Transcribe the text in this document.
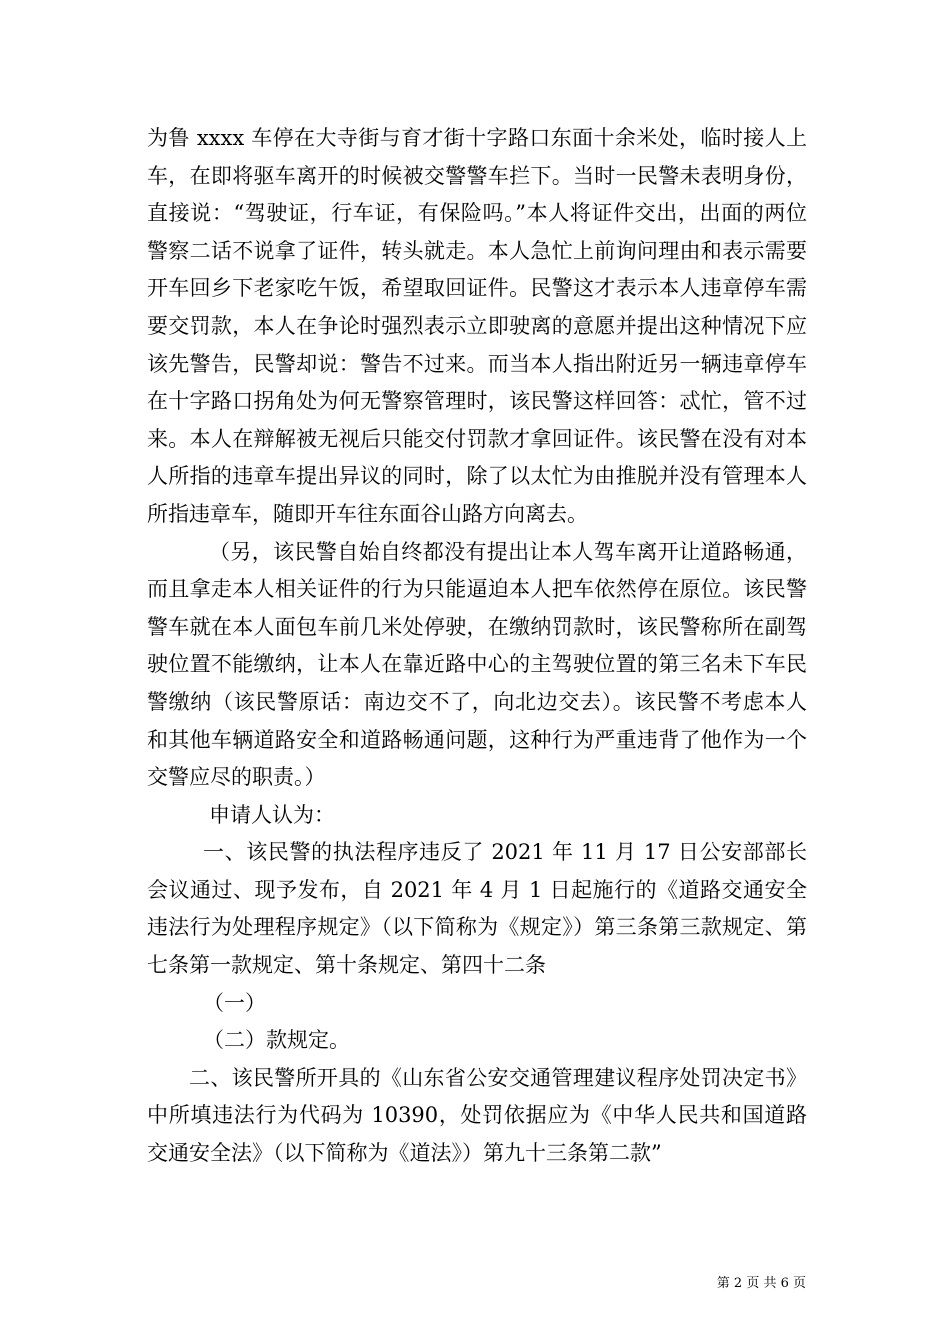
为鲁 xxxx 车停在大寺街与育才街十字路口东面十余米处，临时接人上车，在即将驱车离开的时候被交警警车拦下。当时一民警未表明身份，直接说：“驾驶证，行车证，有保险吗。”本人将证件交出，出面的两位警察二话不说拿了证件，转头就走。本人急忙上前询问理由和表示需要开车回乡下老家吃午饭，希望取回证件。民警这才表示本人违章停车需要交罚款，本人在争论时强烈表示立即驶离的意愿并提出这种情况下应该先警告，民警却说：警告不过来。而当本人指出附近另一辆违章停车在十字路口拐角处为何无警察管理时，该民警这样回答：忒忙，管不过来。本人在辩解被无视后只能交付罚款才拿回证件。该民警在没有对本人所指的违章车提出异议的同时，除了以太忙为由推脱并没有管理本人所指违章车，随即开车往东面谷山路方向离去。

（另，该民警自始自终都没有提出让本人驾车离开让道路畅通，而且拿走本人相关证件的行为只能逼迫本人把车依然停在原位。该民警警车就在本人面包车前几米处停驶，在缴纳罚款时，该民警称所在副驾驶位置不能缴纳，让本人在靠近路中心的主驾驶位置的第三名未下车民警缴纳（该民警原话：南边交不了，向北边交去）。该民警不考虑本人和其他车辆道路安全和道路畅通问题，这种行为严重违背了他作为一个交警应尽的职责。）

申请人认为：

一、该民警的执法程序违反了 2021 年 11 月 17 日公安部部长会议通过、现予发布，自 2021 年 4 月 1 日起施行的《道路交通安全违法行为处理程序规定》（以下简称为《规定》）第三条第三款规定、第七条第一款规定、第十条规定、第四十二条

（一）

（二）款规定。

二、该民警所开具的《山东省公安交通管理建议程序处罚决定书》中所填违法行为代码为 10390，处罚依据应为《中华人民共和国道路交通安全法》（以下简称为《道法》）第九十三条第二款”

第 2 页 共 6 页
